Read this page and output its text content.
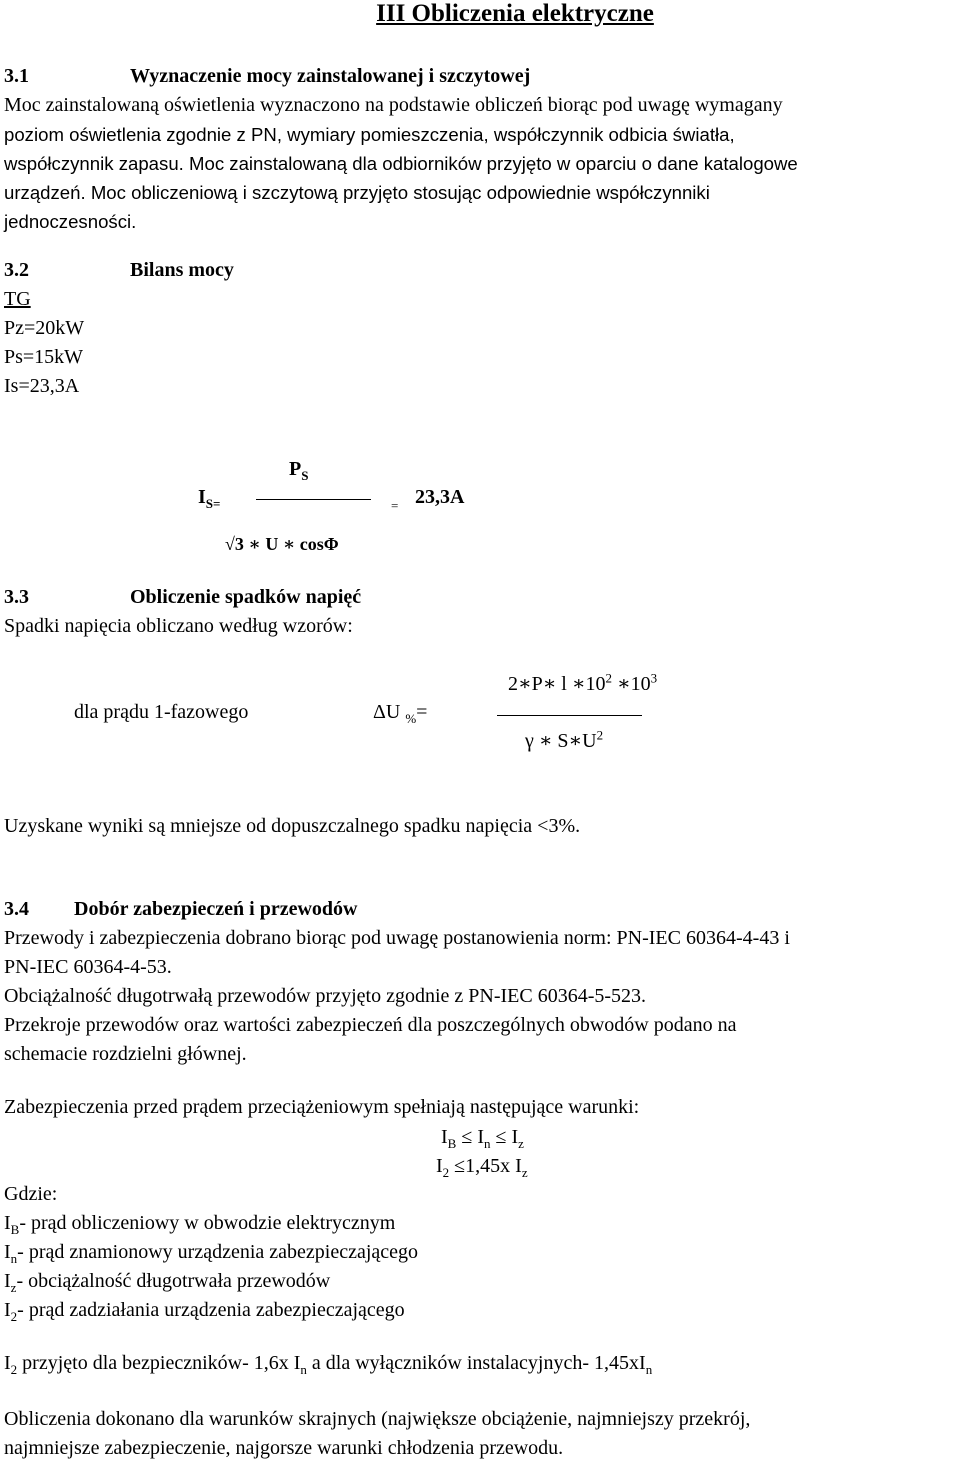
III Obliczenia elektryczne
3.1	Wyznaczenie mocy zainstalowanej i szczytowej
Moc zainstalowaną oświetlenia wyznaczono na podstawie obliczeń biorąc pod uwagę wymagany
poziom oświetlenia zgodnie z PN, wymiary pomieszczenia, współczynnik odbicia światła,
współczynnik zapasu. Moc zainstalowaną dla odbiorników przyjęto w oparciu o dane katalogowe
urządzeń. Moc obliczeniową i szczytową przyjęto stosując odpowiednie współczynniki
jednoczesności.
3.2	Bilans mocy
TG
Pz=20kW
Ps=15kW
Is=23,3A
$P_S$
$I_{S=}$	= 23,3A
√3 ∗ U ∗ cosΦ
3.3	Obliczenie spadków napięć
Spadki napięcia obliczano według wzorów:
2∗P∗ l $∗10^2$ $∗10^3$
dla prądu 1-fazowego	ΔU $_{\%}$=
γ ∗ $S∗U^2$
Uzyskane wyniki są mniejsze od dopuszczalnego spadku napięcia <3%.
3.4 Dobór zabezpieczeń i przewodów
Przewody i zabezpieczenia dobrano biorąc pod uwagę postanowienia norm: PN-IEC 60364-4-43 i
PN-IEC 60364-4-53.
Obciążalność długotrwałą przewodów przyjęto zgodnie z PN-IEC 60364-5-523.
Przekroje przewodów oraz wartości zabezpieczeń dla poszczególnych obwodów podano na
schemacie rozdzielni głównej.
Zabezpieczenia przed prądem przeciążeniowym spełniają następujące warunki:
$I_B \le I_n \le I_z$
$I_2 \le 1,45x$ $I_z$
Gdzie:
$I_B-$ prąd obliczeniowy w obwodzie elektrycznym
$I_n-$ prąd znamionowy urządzenia zabezpieczającego
$I_z-$ obciążalność długotrwała przewodów
$I_2-$ prąd zadziałania urządzenia zabezpieczającego
$I_2$ przyjęto dla bezpieczników- 1,6x $I_n$ a dla wyłączników instalacyjnych- $1,45xI_n$
Obliczenia dokonano dla warunków skrajnych (największe obciążenie, najmniejszy przekrój,
najmniejsze zabezpieczenie, najgorsze warunki chłodzenia przewodu.
